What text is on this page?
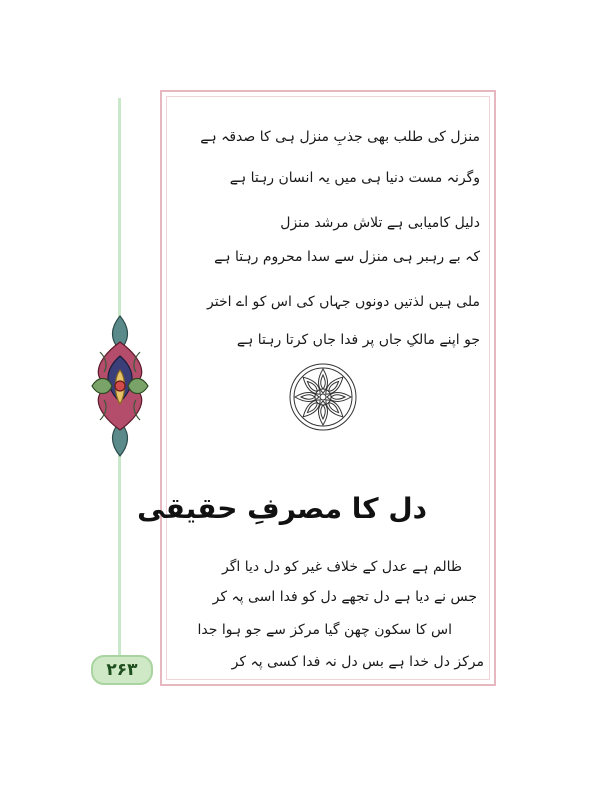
منزل کی طلب بھی جذبِ منزل ہی کا صدقہ ہے
وگرنہ مست دنیا ہی میں یہ انسان رہتا ہے
دلیل کامیابی ہے تلاش مرشد منزل
کہ بے رہبر ہی منزل سے سدا محروم رہتا ہے
ملی ہیں لذتیں دونوں جہاں کی اس کو اے اختر
جو اپنے مالکِ جاں پر فدا جاں کرتا رہتا ہے
دل کا مصرفِ حقیقی
ظالم ہے عدل کے خلاف غیر کو دل دیا اگر
جس نے دیا ہے دل تجھے دل کو فدا اسی پہ کر
اس کا سکون چھن گیا مرکز سے جو ہوا جدا
مرکز دل خدا ہے بس دل نہ فدا کسی پہ کر
۲۶۳
